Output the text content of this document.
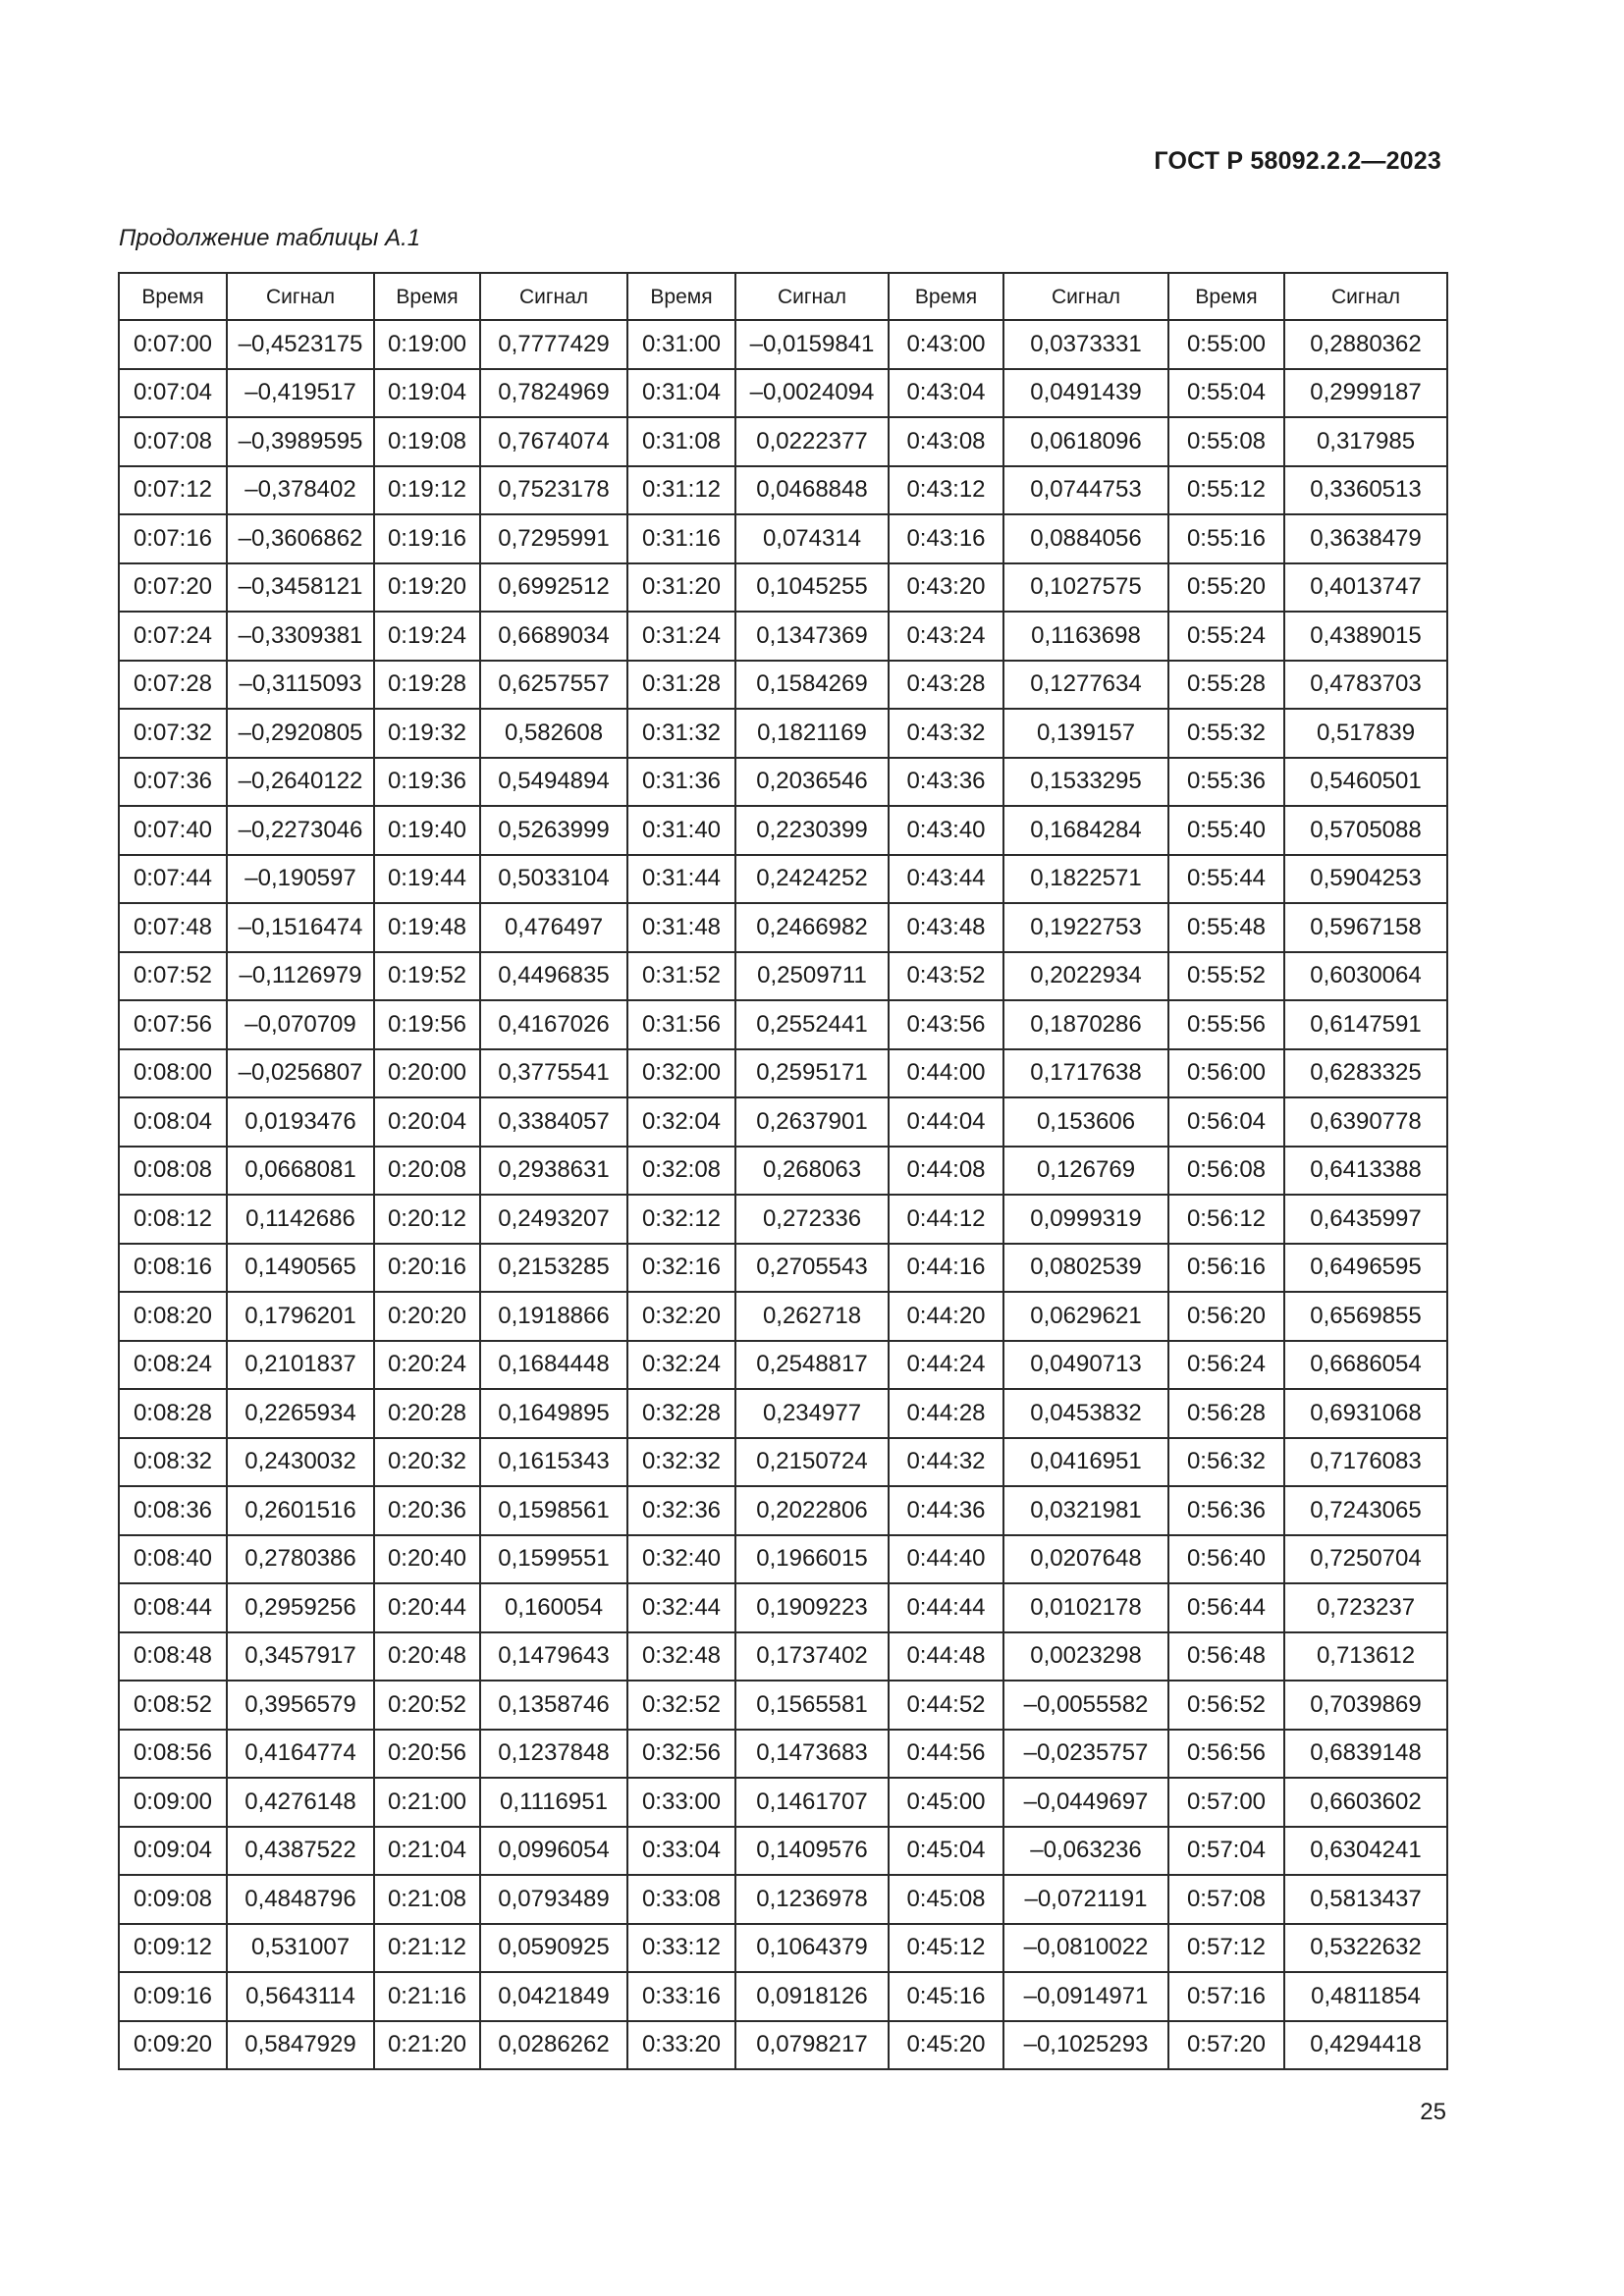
ГОСТ Р 58092.2.2—2023
Продолжение таблицы А.1
Время	Сигнал	Время	Сигнал	Время	Сигнал	Время	Сигнал	Время	Сигнал
0:07:00	–0,4523175	0:19:00	0,7777429	0:31:00	–0,0159841	0:43:00	0,0373331	0:55:00	0,2880362
0:07:04	–0,419517	0:19:04	0,7824969	0:31:04	–0,0024094	0:43:04	0,0491439	0:55:04	0,2999187
0:07:08	–0,3989595	0:19:08	0,7674074	0:31:08	0,0222377	0:43:08	0,0618096	0:55:08	0,317985
0:07:12	–0,378402	0:19:12	0,7523178	0:31:12	0,0468848	0:43:12	0,0744753	0:55:12	0,3360513
0:07:16	–0,3606862	0:19:16	0,7295991	0:31:16	0,074314	0:43:16	0,0884056	0:55:16	0,3638479
0:07:20	–0,3458121	0:19:20	0,6992512	0:31:20	0,1045255	0:43:20	0,1027575	0:55:20	0,4013747
0:07:24	–0,3309381	0:19:24	0,6689034	0:31:24	0,1347369	0:43:24	0,1163698	0:55:24	0,4389015
0:07:28	–0,3115093	0:19:28	0,6257557	0:31:28	0,1584269	0:43:28	0,1277634	0:55:28	0,4783703
0:07:32	–0,2920805	0:19:32	0,582608	0:31:32	0,1821169	0:43:32	0,139157	0:55:32	0,517839
0:07:36	–0,2640122	0:19:36	0,5494894	0:31:36	0,2036546	0:43:36	0,1533295	0:55:36	0,5460501
0:07:40	–0,2273046	0:19:40	0,5263999	0:31:40	0,2230399	0:43:40	0,1684284	0:55:40	0,5705088
0:07:44	–0,190597	0:19:44	0,5033104	0:31:44	0,2424252	0:43:44	0,1822571	0:55:44	0,5904253
0:07:48	–0,1516474	0:19:48	0,476497	0:31:48	0,2466982	0:43:48	0,1922753	0:55:48	0,5967158
0:07:52	–0,1126979	0:19:52	0,4496835	0:31:52	0,2509711	0:43:52	0,2022934	0:55:52	0,6030064
0:07:56	–0,070709	0:19:56	0,4167026	0:31:56	0,2552441	0:43:56	0,1870286	0:55:56	0,6147591
0:08:00	–0,0256807	0:20:00	0,3775541	0:32:00	0,2595171	0:44:00	0,1717638	0:56:00	0,6283325
0:08:04	0,0193476	0:20:04	0,3384057	0:32:04	0,2637901	0:44:04	0,153606	0:56:04	0,6390778
0:08:08	0,0668081	0:20:08	0,2938631	0:32:08	0,268063	0:44:08	0,126769	0:56:08	0,6413388
0:08:12	0,1142686	0:20:12	0,2493207	0:32:12	0,272336	0:44:12	0,0999319	0:56:12	0,6435997
0:08:16	0,1490565	0:20:16	0,2153285	0:32:16	0,2705543	0:44:16	0,0802539	0:56:16	0,6496595
0:08:20	0,1796201	0:20:20	0,1918866	0:32:20	0,262718	0:44:20	0,0629621	0:56:20	0,6569855
0:08:24	0,2101837	0:20:24	0,1684448	0:32:24	0,2548817	0:44:24	0,0490713	0:56:24	0,6686054
0:08:28	0,2265934	0:20:28	0,1649895	0:32:28	0,234977	0:44:28	0,0453832	0:56:28	0,6931068
0:08:32	0,2430032	0:20:32	0,1615343	0:32:32	0,2150724	0:44:32	0,0416951	0:56:32	0,7176083
0:08:36	0,2601516	0:20:36	0,1598561	0:32:36	0,2022806	0:44:36	0,0321981	0:56:36	0,7243065
0:08:40	0,2780386	0:20:40	0,1599551	0:32:40	0,1966015	0:44:40	0,0207648	0:56:40	0,7250704
0:08:44	0,2959256	0:20:44	0,160054	0:32:44	0,1909223	0:44:44	0,0102178	0:56:44	0,723237
0:08:48	0,3457917	0:20:48	0,1479643	0:32:48	0,1737402	0:44:48	0,0023298	0:56:48	0,713612
0:08:52	0,3956579	0:20:52	0,1358746	0:32:52	0,1565581	0:44:52	–0,0055582	0:56:52	0,7039869
0:08:56	0,4164774	0:20:56	0,1237848	0:32:56	0,1473683	0:44:56	–0,0235757	0:56:56	0,6839148
0:09:00	0,4276148	0:21:00	0,1116951	0:33:00	0,1461707	0:45:00	–0,0449697	0:57:00	0,6603602
0:09:04	0,4387522	0:21:04	0,0996054	0:33:04	0,1409576	0:45:04	–0,063236	0:57:04	0,6304241
0:09:08	0,4848796	0:21:08	0,0793489	0:33:08	0,1236978	0:45:08	–0,0721191	0:57:08	0,5813437
0:09:12	0,531007	0:21:12	0,0590925	0:33:12	0,1064379	0:45:12	–0,0810022	0:57:12	0,5322632
0:09:16	0,5643114	0:21:16	0,0421849	0:33:16	0,0918126	0:45:16	–0,0914971	0:57:16	0,4811854
0:09:20	0,5847929	0:21:20	0,0286262	0:33:20	0,0798217	0:45:20	–0,1025293	0:57:20	0,4294418
25
